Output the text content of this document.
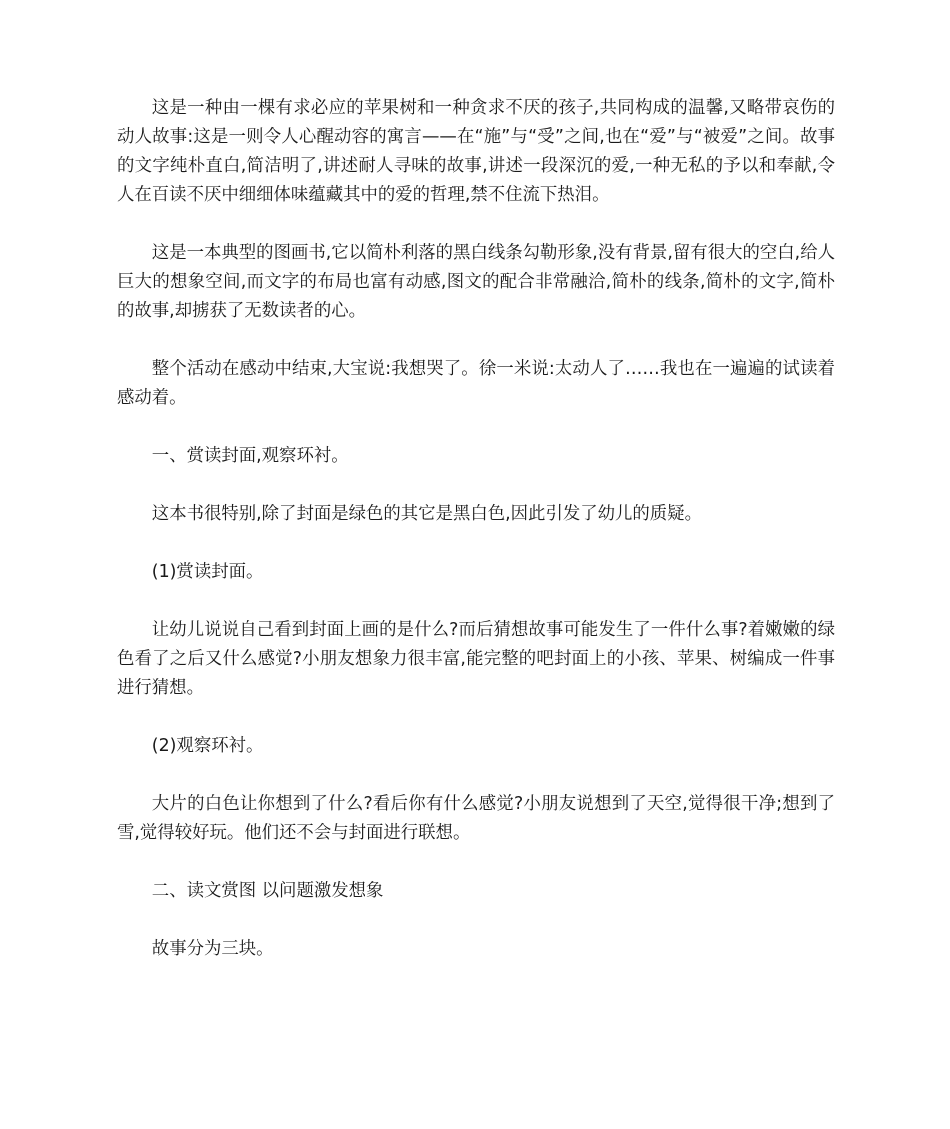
这是一种由一棵有求必应的苹果树和一种贪求不厌的孩子,共同构成的温馨,又略带哀伤的动人故事:这是一则令人心醒动容的寓言——在“施”与“受”之间,也在“爱”与“被爱”之间。故事的文字纯朴直白,简洁明了,讲述耐人寻味的故事,讲述一段深沉的爱,一种无私的予以和奉献,令人在百读不厌中细细体味蕴藏其中的爱的哲理,禁不住流下热泪。

这是一本典型的图画书,它以简朴利落的黑白线条勾勒形象,没有背景,留有很大的空白,给人巨大的想象空间,而文字的布局也富有动感,图文的配合非常融洽,简朴的线条,简朴的文字,简朴的故事,却掳获了无数读者的心。

整个活动在感动中结束,大宝说:我想哭了。徐一米说:太动人了……我也在一遍遍的试读着感动着。

一、赏读封面,观察环衬。

这本书很特别,除了封面是绿色的其它是黑白色,因此引发了幼儿的质疑。

(1)赏读封面。

让幼儿说说自己看到封面上画的是什么?而后猜想故事可能发生了一件什么事?着嫩嫩的绿色看了之后又什么感觉?小朋友想象力很丰富,能完整的吧封面上的小孩、苹果、树编成一件事进行猜想。

(2)观察环衬。

大片的白色让你想到了什么?看后你有什么感觉?小朋友说想到了天空,觉得很干净;想到了雪,觉得较好玩。他们还不会与封面进行联想。

二、读文赏图 以问题激发想象

故事分为三块。
